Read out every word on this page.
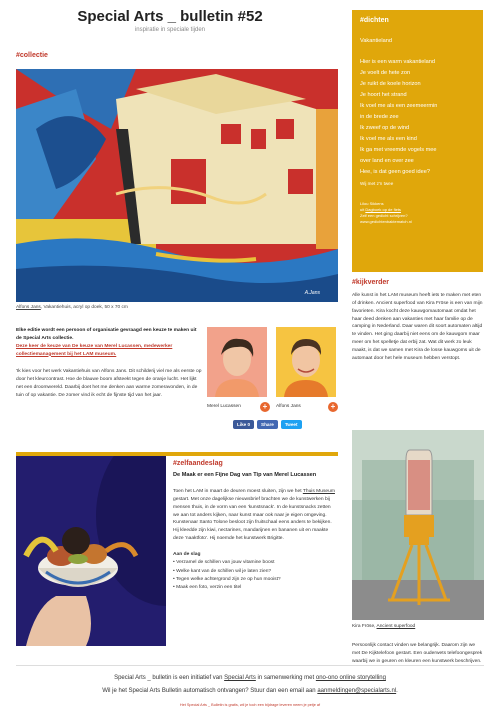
Special Arts _ bulletin #52
inspiratie in speciale tijden
#collectie
A.Jans
Alfons Jans, Vakantiehuis, acryl op doek, 50 x 70 cm
Elke editie wordt een persoon of organisatie gevraagd een keuze te maken uit de Special Arts collectie.
Deze keer de keuze van De keuze van Merel Lucassen, medewerker collectiemanagement bij het LAM museum.
'Ik kies voor het werk Vakantiehuis van Alfons Jans. Dit schilderij viel me als eerste op door het kleurcontrast. Hoe de blauwe boom afsteekt tegen de oranje lucht. Het lijkt net een droomwereld. Daarbij doet het me denken aan warme zomeravonden, in de tuin of op vakantie. De zomer vind ik echt de fijnste tijd van het jaar.
Merel Lucassen	+	Alfons Jans	+
Like 0	Share	Tweet
#dichten
Vakantieland
Hier is een warm vakantieland
Je voelt de hete zon
Je ruikt de koele horizon
Je hoort het strand
Ik voel me als een zeemeermin
in de brede zee
Ik zweef op de wind
Ik voel me als een kind
Ik ga met vreemde vogels mee
over land en over zee
Hee, is dat geen goed idee?
Wij met z'n twee
Lilou Sikkens
uit Dagboek op de fiets
Zelf een gedicht schrijven?
www.gedichtenbaktematch.nl
#kijkverder
Alle kunst in het LAM museum heeft iets te maken met eten of drinken. Ancient superfood van Kira Fröse is een van mijn favorieten. Kira kocht deze kauwgomautomaat omdat het haar deed denken aan vakanties met haar familie op de camping in Nederland. Daar waren dit soort automaten altijd te vinden. Het ging daarbij niet eens om de kauwgom maar meer om het spelletje dat erbij zat. Wat dit werk zo leuk maakt, is dat we samen met Kira de losse kauwgoms uit de automaat door het hele museum hebben verstopt.
#zelfaandeslag
De Maak er een Fijne Dag van Tip van Merel Lucassen
Toen het LAM in maart de deuren moest sluiten, zijn we het Thuis Museum gestart. Met onze dagelijkse nieuwsbrief brachten we de kunstwerken bij mensen thuis, in de vorm van een 'kunstsnack'. In de kunstsnacks zetten we aan tot anders kijken, naar kunst maar ook naar je eigen omgeving. Kunstenaar Santo Tolone besloot zijn fruitschaal eens anders te bekijken. Hij kleedde zijn kiwi, nectarines, mandarijnen en bananen uit en maakte deze 'naaktfoto'. Hij noemde het kunstwerk Brigitte.
Aan de slag
• Verzamel de schillen van jouw vitamine boost
• Welke kant van de schillen wil je laten zien?
• Tegen welke achtergrond zijn ze op hun mooist?
• Maak een foto, verzin een titel
Kira Fröse, Ancient superfood
Persoonlijk contact vinden we belangrijk. Daarom zijn we met De Kijktelefoon gestart. Een ouderwets telefoongesprek waarbij we in geuren en kleuren een kunstwerk beschrijven.
Special Arts _ bulletin is een initiatief van Special Arts in samenwerking met ono-ono online storytelling
Wil je het Special Arts Bulletin automatisch ontvangen? Stuur dan een email aan aanmeldingen@specialarts.nl.
Het Special Arts _ Bulletin is gratis, wil je toch een bijdrage leveren neem je petje af
